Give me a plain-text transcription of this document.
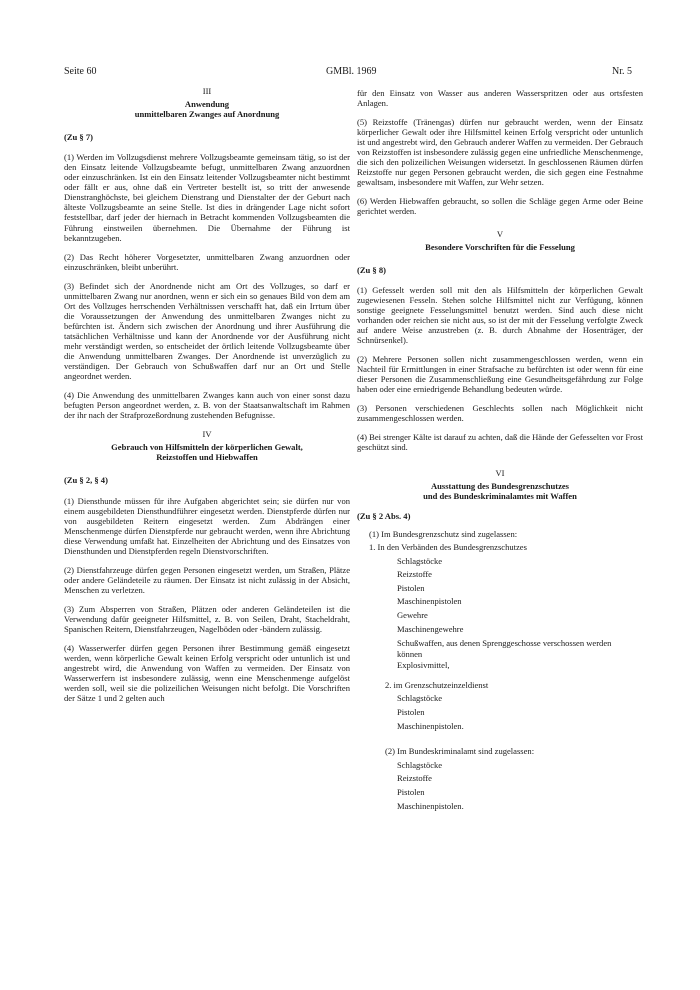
Seite 60	GMBl. 1969	Nr. 5
III
Anwendung
unmittelbaren Zwanges auf Anordnung
(Zu § 7)

(1) Werden im Vollzugsdienst mehrere Vollzugsbeamte gemeinsam tätig, so ist der den Einsatz leitende Vollzugsbeamte befugt, unmittelbaren Zwang anzuordnen oder einzuschränken. Ist ein den Einsatz leitender Vollzugsbeamter nicht bestimmt oder fällt er aus, ohne daß ein Vertreter bestellt ist, so tritt der anwesende Dienstranghöchste, bei gleichem Dienstrang und Dienstalter der der Geburt nach älteste Vollzugsbeamte an seine Stelle. Ist dies in drängender Lage nicht sofort feststellbar, darf jeder der hiernach in Betracht kommenden Vollzugsbeamten die Führung einstweilen übernehmen. Die Übernahme der Führung ist bekanntzugeben.

(2) Das Recht höherer Vorgesetzter, unmittelbaren Zwang anzuordnen oder einzuschränken, bleibt unberührt.

(3) Befindet sich der Anordnende nicht am Ort des Vollzuges, so darf er unmittelbaren Zwang nur anordnen, wenn er sich ein so genaues Bild von dem am Ort des Vollzuges herrschenden Verhältnissen verschafft hat, daß ein Irrtum über die Voraussetzungen der Anwendung des unmittelbaren Zwanges nicht zu befürchten ist. Ändern sich zwischen der Anordnung und ihrer Ausführung die tatsächlichen Verhältnisse und kann der Anordnende vor der Ausführung nicht mehr verständigt werden, so entscheidet der örtlich leitende Vollzugsbeamte über die Anwendung unmittelbaren Zwanges. Der Anordnende ist unverzüglich zu verständigen. Der Gebrauch von Schußwaffen darf nur an Ort und Stelle angeordnet werden.

(4) Die Anwendung des unmittelbaren Zwanges kann auch von einer sonst dazu befugten Person angeordnet werden, z. B. von der Staatsanwaltschaft im Rahmen der ihr nach der Strafprozeßordnung zustehenden Befugnisse.

IV
Gebrauch von Hilfsmitteln der körperlichen Gewalt,
Reizstoffen und Hiebwaffen
(Zu § 2, § 4)

(1) Diensthunde müssen für ihre Aufgaben abgerichtet sein; sie dürfen nur von einem ausgebildeten Diensthundführer eingesetzt werden. Dienstpferde dürfen nur von ausgebildeten Reitern eingesetzt werden. Zum Abdrängen einer Menschenmenge dürfen Dienstpferde nur gebraucht werden, wenn ihre Abrichtung diese Verwendung umfaßt hat. Einzelheiten der Abrichtung und des Einsatzes von Diensthunden und Dienstpferden regeln Dienstvorschriften.

(2) Dienstfahrzeuge dürfen gegen Personen eingesetzt werden, um Straßen, Plätze oder andere Geländeteile zu räumen. Der Einsatz ist nicht zulässig in der Absicht, Menschen zu verletzen.

(3) Zum Absperren von Straßen, Plätzen oder anderen Geländeteilen ist die Verwendung dafür geeigneter Hilfsmittel, z. B. von Seilen, Draht, Stacheldraht, Spanischen Reitern, Dienstfahrzeugen, Nagelböden oder -bändern zulässig.

(4) Wasserwerfer dürfen gegen Personen ihrer Bestimmung gemäß eingesetzt werden, wenn körperliche Gewalt keinen Erfolg verspricht oder untunlich ist und angestrebt wird, die Anwendung von Waffen zu vermeiden. Der Einsatz von Wasserwerfern ist insbesondere zulässig, wenn eine Menschenmenge aufgelöst werden soll, weil sie die polizeilichen Weisungen nicht befolgt. Die Vorschriften der Sätze 1 und 2 gelten auch

für den Einsatz von Wasser aus anderen Wasserspritzen oder aus ortsfesten Anlagen.

(5) Reizstoffe (Tränengas) dürfen nur gebraucht werden, wenn der Einsatz körperlicher Gewalt oder ihre Hilfsmittel keinen Erfolg verspricht oder untunlich ist und angestrebt wird, den Gebrauch anderer Waffen zu vermeiden. Der Gebrauch von Reizstoffen ist insbesondere zulässig gegen eine unfriedliche Menschenmenge, die sich den polizeilichen Weisungen widersetzt. In geschlossenen Räumen dürfen Reizstoffe nur gegen Personen gebraucht werden, die sich gegen eine Festnahme gewaltsam, insbesondere mit Waffen, zur Wehr setzen.

(6) Werden Hiebwaffen gebraucht, so sollen die Schläge gegen Arme oder Beine gerichtet werden.

V
Besondere Vorschriften für die Fesselung
(Zu § 8)

(1) Gefesselt werden soll mit den als Hilfsmitteln der körperlichen Gewalt zugewiesenen Fesseln. Stehen solche Hilfsmittel nicht zur Verfügung, können sonstige geeignete Fesselungsmittel benutzt werden. Sind auch diese nicht vorhanden oder reichen sie nicht aus, so ist der mit der Fesselung verfolgte Zweck auf andere Weise anzustreben (z. B. durch Abnahme der Hosenträger, der Schnürsenkel).

(2) Mehrere Personen sollen nicht zusammengeschlossen werden, wenn ein Nachteil für Ermittlungen in einer Strafsache zu befürchten ist oder wenn für eine dieser Personen die Zusammenschließung eine Gesundheitsgefährdung zur Folge haben oder eine erniedrigende Behandlung bedeuten würde.

(3) Personen verschiedenen Geschlechts sollen nach Möglichkeit nicht zusammengeschlossen werden.

(4) Bei strenger Kälte ist darauf zu achten, daß die Hände der Gefesselten vor Frost geschützt sind.

VI
Ausstattung des Bundesgrenzschutzes
und des Bundeskriminalamtes mit Waffen
(Zu § 2 Abs. 4)
(1) Im Bundesgrenzschutz sind zugelassen:
1. In den Verbänden des Bundesgrenzschutzes
Schlagstöcke
Reizstoffe
Pistolen
Maschinenpistolen
Gewehre
Maschinengewehre
Schußwaffen, aus denen Sprenggeschosse verschossen werden können
Explosivmittel,
2. im Grenzschutzeinzeldienst
Schlagstöcke
Pistolen
Maschinenpistolen.
(2) Im Bundeskriminalamt sind zugelassen:
Schlagstöcke
Reizstoffe
Pistolen
Maschinenpistolen.
